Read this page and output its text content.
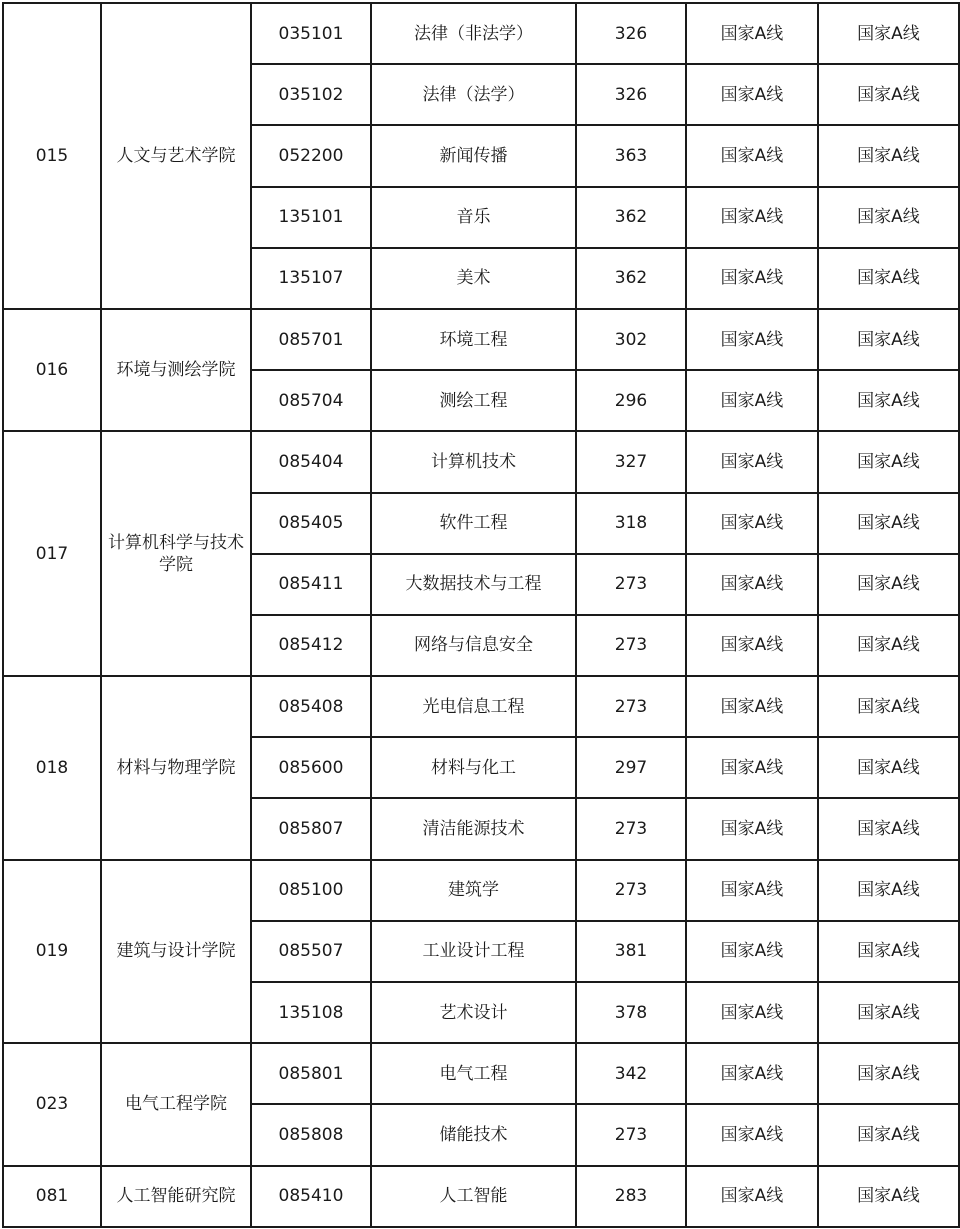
015	人文与艺术学院	035101	法律（非法学）	326	国家A线	国家A线
		035102	法律（法学）	326	国家A线	国家A线
		052200	新闻传播	363	国家A线	国家A线
		135101	音乐	362	国家A线	国家A线
		135107	美术	362	国家A线	国家A线
016	环境与测绘学院	085701	环境工程	302	国家A线	国家A线
		085704	测绘工程	296	国家A线	国家A线
017	计算机科学与技术学院	085404	计算机技术	327	国家A线	国家A线
		085405	软件工程	318	国家A线	国家A线
		085411	大数据技术与工程	273	国家A线	国家A线
		085412	网络与信息安全	273	国家A线	国家A线
018	材料与物理学院	085408	光电信息工程	273	国家A线	国家A线
		085600	材料与化工	297	国家A线	国家A线
		085807	清洁能源技术	273	国家A线	国家A线
019	建筑与设计学院	085100	建筑学	273	国家A线	国家A线
		085507	工业设计工程	381	国家A线	国家A线
		135108	艺术设计	378	国家A线	国家A线
023	电气工程学院	085801	电气工程	342	国家A线	国家A线
		085808	储能技术	273	国家A线	国家A线
081	人工智能研究院	085410	人工智能	283	国家A线	国家A线
